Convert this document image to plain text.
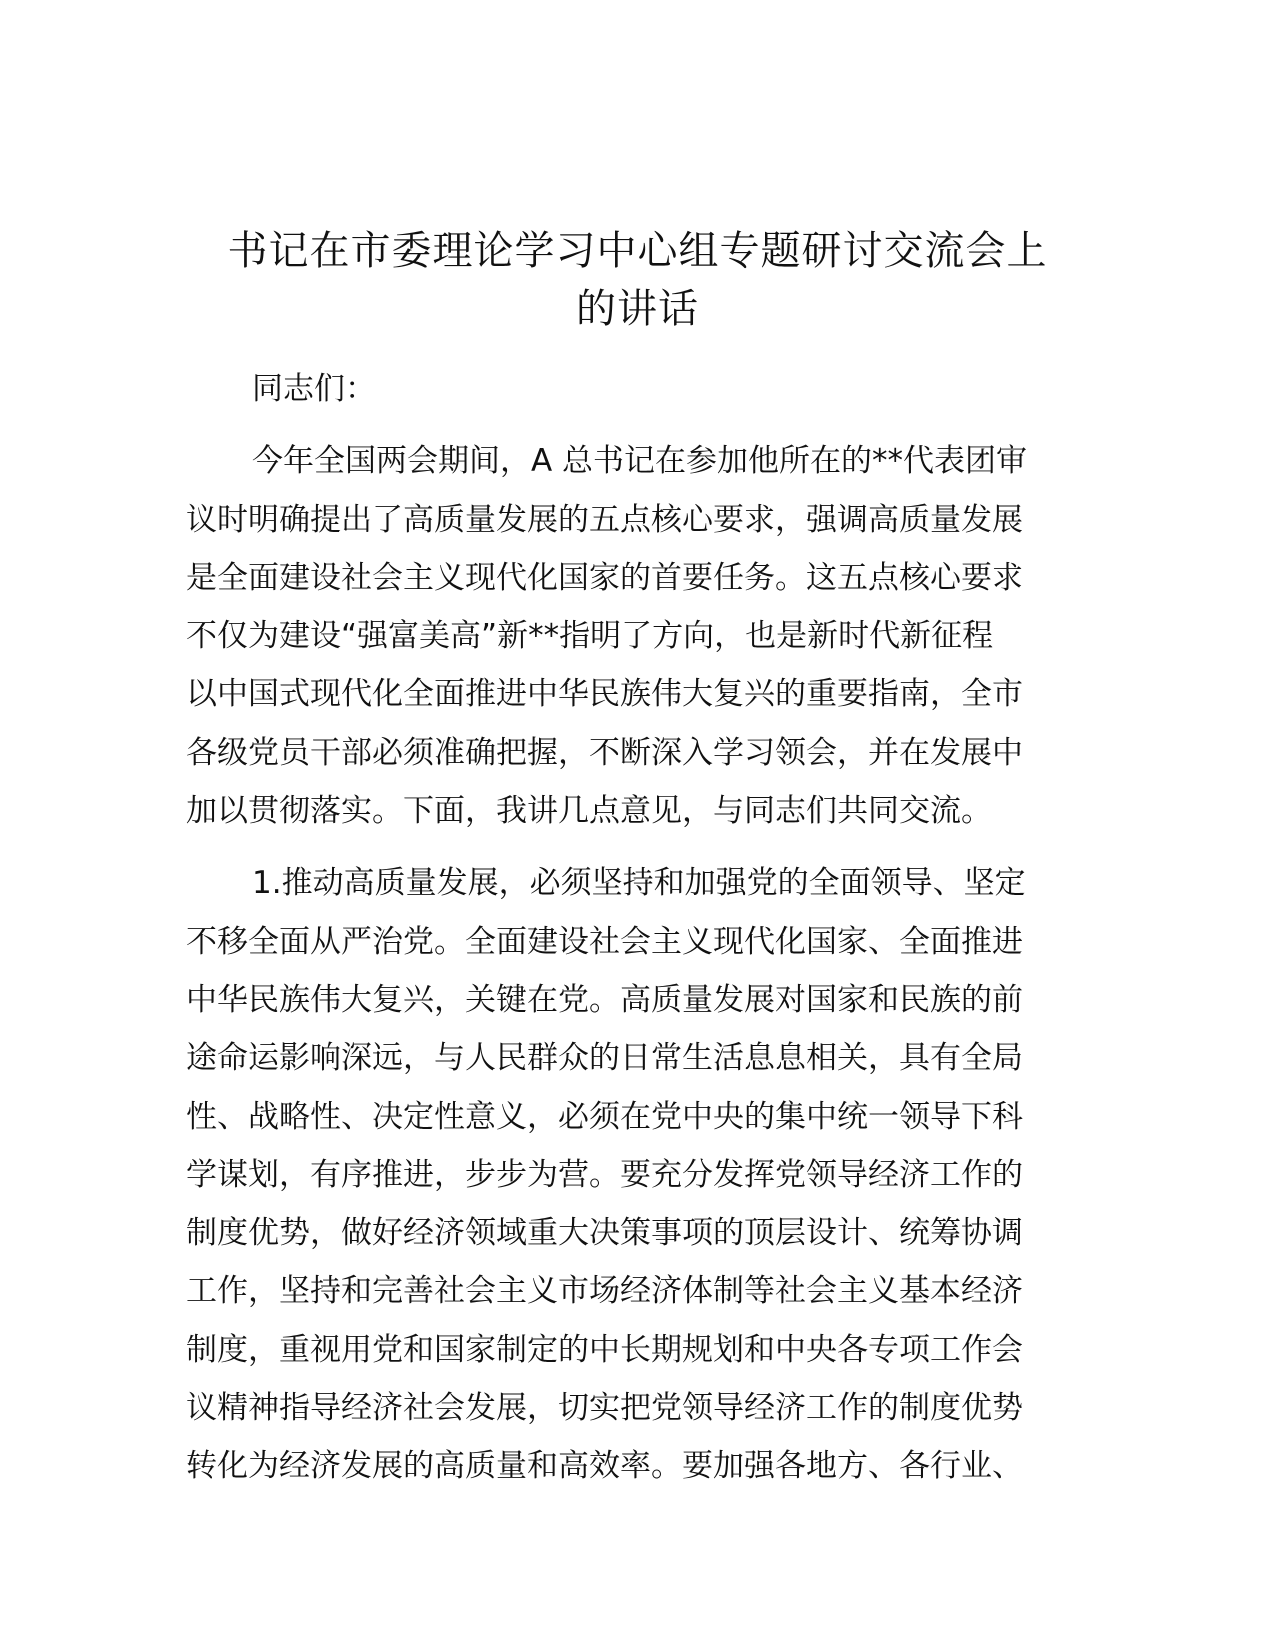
书记在市委理论学习中心组专题研讨交流会上
的讲话
同志们：
今年全国两会期间，A 总书记在参加他所在的**代表团审
议时明确提出了高质量发展的五点核心要求，强调高质量发展
是全面建设社会主义现代化国家的首要任务。这五点核心要求
不仅为建设“强富美高”新**指明了方向，也是新时代新征程
以中国式现代化全面推进中华民族伟大复兴的重要指南，全市
各级党员干部必须准确把握，不断深入学习领会，并在发展中
加以贯彻落实。下面，我讲几点意见，与同志们共同交流。
1.推动高质量发展，必须坚持和加强党的全面领导、坚定
不移全面从严治党。全面建设社会主义现代化国家、全面推进
中华民族伟大复兴，关键在党。高质量发展对国家和民族的前
途命运影响深远，与人民群众的日常生活息息相关，具有全局
性、战略性、决定性意义，必须在党中央的集中统一领导下科
学谋划，有序推进，步步为营。要充分发挥党领导经济工作的
制度优势，做好经济领域重大决策事项的顶层设计、统筹协调
工作，坚持和完善社会主义市场经济体制等社会主义基本经济
制度，重视用党和国家制定的中长期规划和中央各专项工作会
议精神指导经济社会发展，切实把党领导经济工作的制度优势
转化为经济发展的高质量和高效率。要加强各地方、各行业、
